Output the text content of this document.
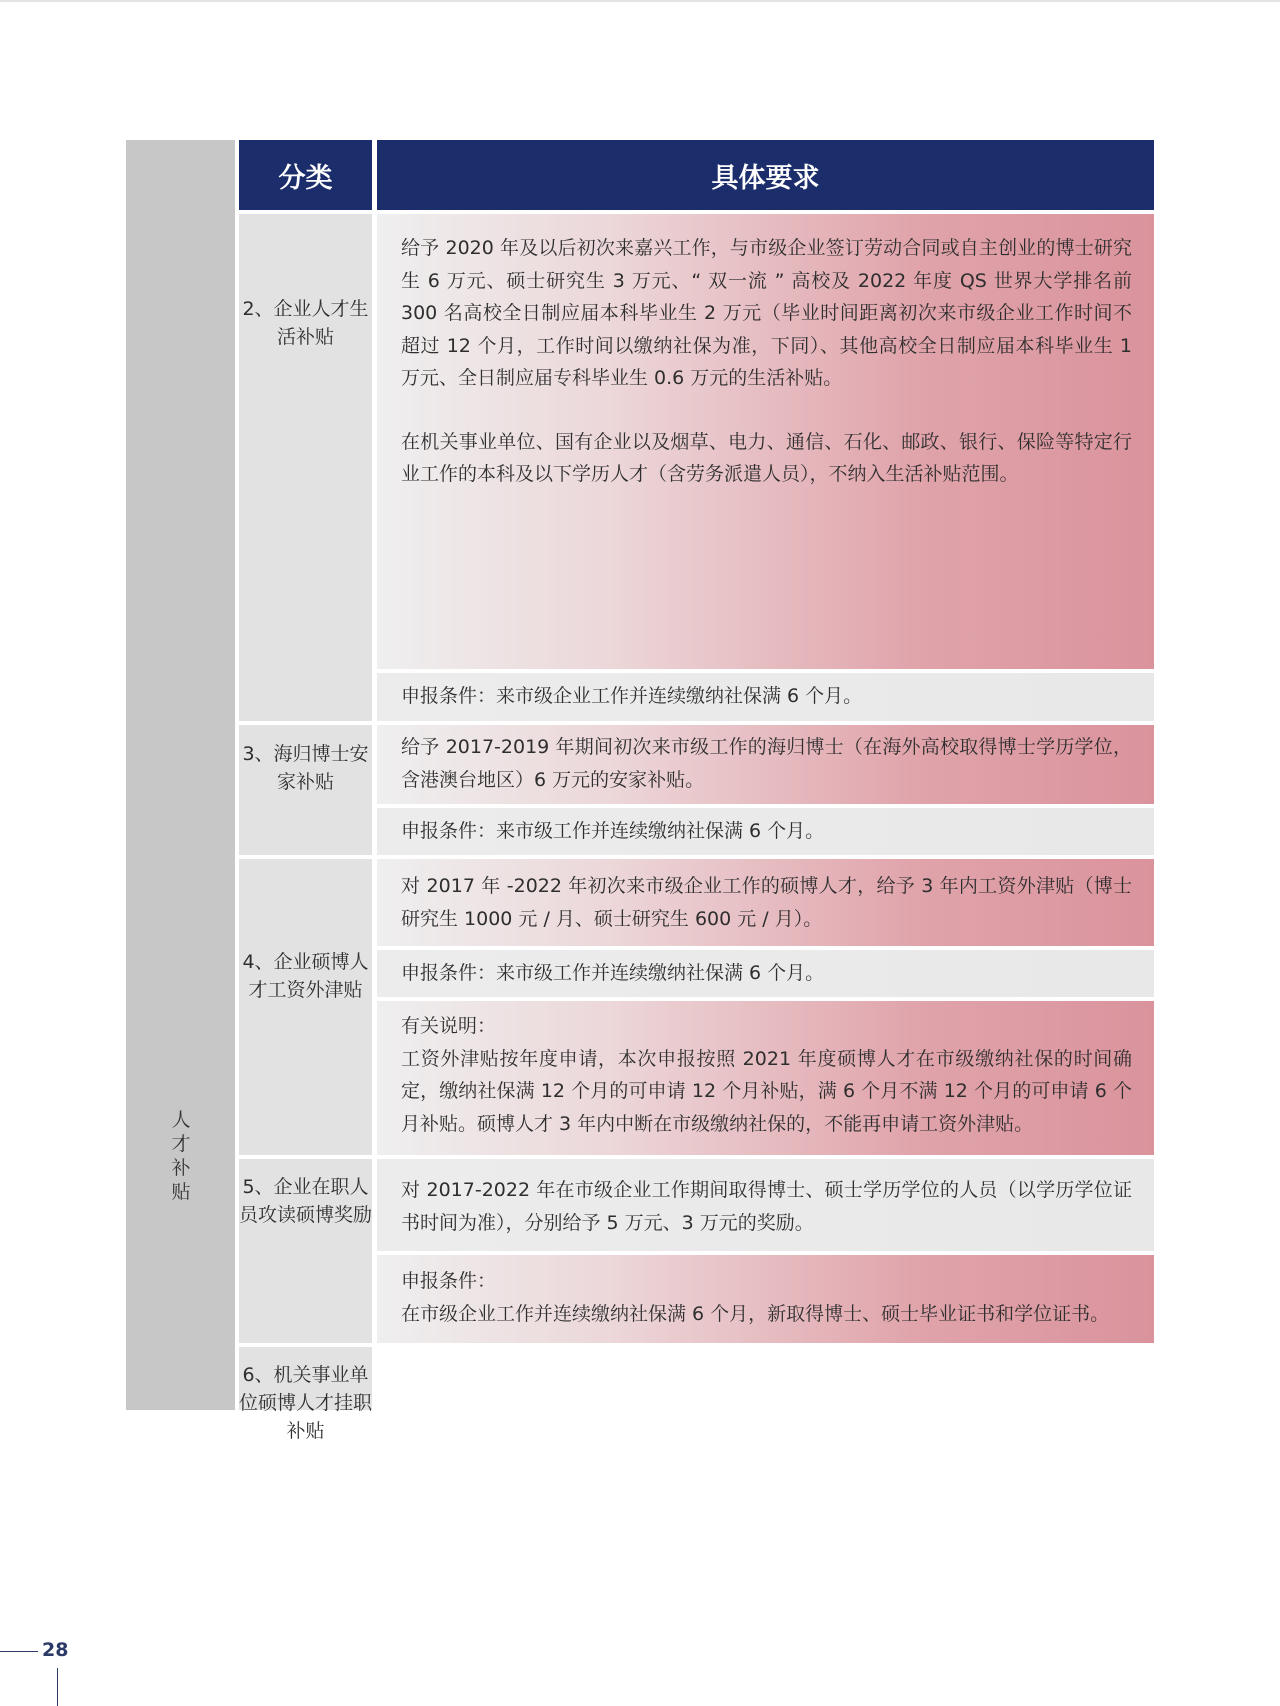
人才补贴
分类	具体要求
2、企业人才生活补贴

给予 2020 年及以后初次来嘉兴工作，与市级企业签订劳动合同或自主创业的博士研究生 6 万元、硕士研究生 3 万元、“ 双一流 ” 高校及 2022 年度 QS 世界大学排名前 300 名高校全日制应届本科毕业生 2 万元（毕业时间距离初次来市级企业工作时间不超过 12 个月，工作时间以缴纳社保为准，下同）、其他高校全日制应届本科毕业生 1 万元、全日制应届专科毕业生 0.6 万元的生活补贴。

在机关事业单位、国有企业以及烟草、电力、通信、石化、邮政、银行、保险等特定行业工作的本科及以下学历人才（含劳务派遣人员），不纳入生活补贴范围。

申报条件：来市级企业工作并连续缴纳社保满 6 个月。
3、海归博士安家补贴
给予 2017-2019 年期间初次来市级工作的海归博士（在海外高校取得博士学历学位，含港澳台地区）6 万元的安家补贴。
申报条件：来市级工作并连续缴纳社保满 6 个月。
4、企业硕博人才工资外津贴
对 2017 年 -2022 年初次来市级企业工作的硕博人才，给予 3 年内工资外津贴（博士研究生 1000 元 / 月、硕士研究生 600 元 / 月）。
申报条件：来市级工作并连续缴纳社保满 6 个月。
有关说明：
工资外津贴按年度申请，本次申报按照 2021 年度硕博人才在市级缴纳社保的时间确定，缴纳社保满 12 个月的可申请 12 个月补贴，满 6 个月不满 12 个月的可申请 6 个月补贴。硕博人才 3 年内中断在市级缴纳社保的，不能再申请工资外津贴。
5、企业在职人员攻读硕博奖励
对 2017-2022 年在市级企业工作期间取得博士、硕士学历学位的人员（以学历学位证书时间为准），分别给予 5 万元、3 万元的奖励。
申报条件：
在市级企业工作并连续缴纳社保满 6 个月，新取得博士、硕士毕业证书和学位证书。
6、机关事业单位硕博人才挂职补贴
28
